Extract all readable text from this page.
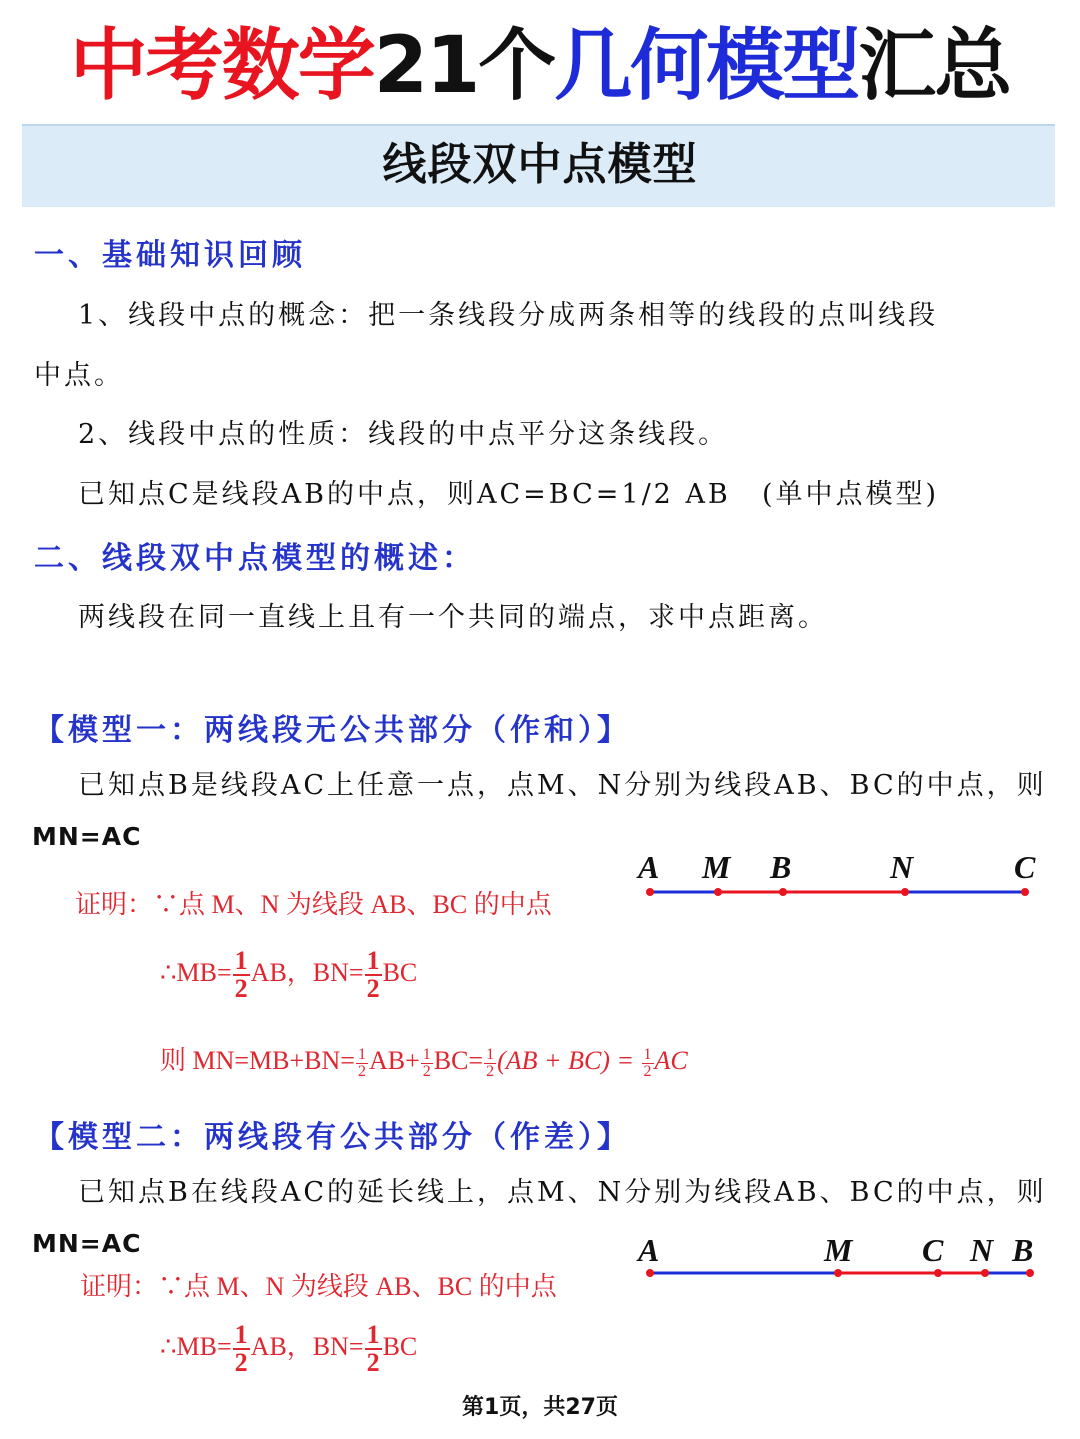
中考数学21个几何模型汇总
线段双中点模型
一、基础知识回顾
1、线段中点的概念：把一条线段分成两条相等的线段的点叫线段
中点。
2、线段中点的性质：线段的中点平分这条线段。
已知点C是线段AB的中点，则AC=BC=1/2 AB (单中点模型)
二、线段双中点模型的概述：
两线段在同一直线上且有一个共同的端点，求中点距离。
【模型一：两线段无公共部分（作和）】
已知点B是线段AC上任意一点，点M、N分别为线段AB、BC的中点，则
MN=AC
A M B	N	C
证明：∵点 M、N 为线段 AB、BC 的中点
∴MB= $\frac{1}{2}$ AB，$BN= \frac{1}{2}$ BC
则 $MN=MB+BN= \frac{1}{2} AB+ \frac{1}{2} BC= \frac{1}{2} (AB + BC) = \frac{1}{2}$ AC
【模型二：两线段有公共部分（作差）】
已知点B在线段AC的延长线上，点M、N分别为线段AB、BC的中点，则
MN=AC	A	M C N B
证明：∵点 M、N 为线段 AB、BC 的中点
∴MB= $\frac{1}{2}$ AB，$BN= \frac{1}{2}$ BC
第1页，共27页
